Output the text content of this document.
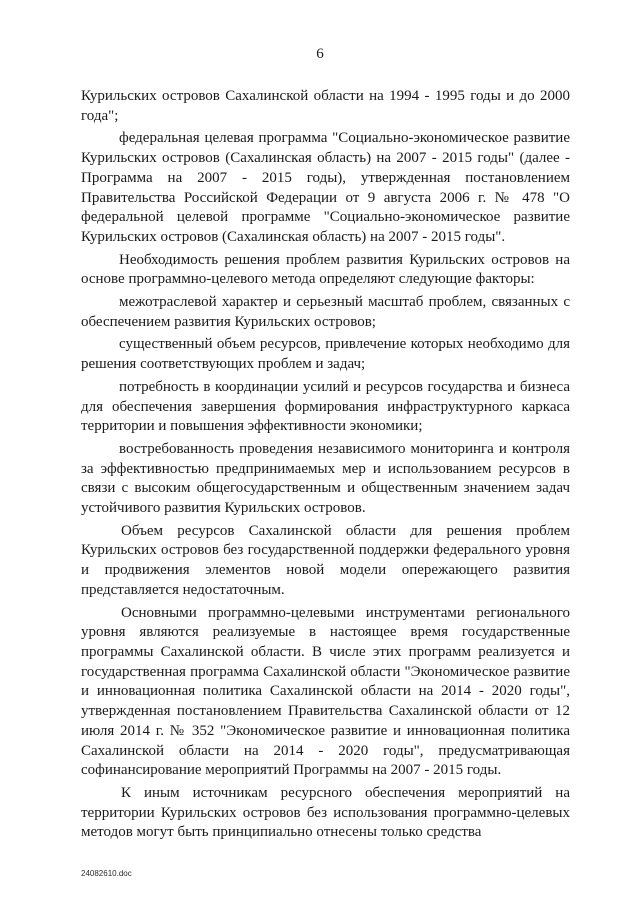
6

Курильских островов Сахалинской области на 1994 - 1995 годы и до 2000 года";

федеральная целевая программа "Социально-экономическое развитие Курильских островов (Сахалинская область) на 2007 - 2015 годы" (далее - Программа на 2007 - 2015 годы), утвержденная постановлением Правительства Российской Федерации от 9 августа 2006 г. № 478 "О федеральной целевой программе "Социально-экономическое развитие Курильских островов (Сахалинская область) на 2007 - 2015 годы".

Необходимость решения проблем развития Курильских островов на основе программно-целевого метода определяют следующие факторы:

межотраслевой характер и серьезный масштаб проблем, связанных с обеспечением развития Курильских островов;

существенный объем ресурсов, привлечение которых необходимо для решения соответствующих проблем и задач;

потребность в координации усилий и ресурсов государства и бизнеса для обеспечения завершения формирования инфраструктурного каркаса территории и повышения эффективности экономики;

востребованность проведения независимого мониторинга и контроля за эффективностью предпринимаемых мер и использованием ресурсов в связи с высоким общегосударственным и общественным значением задач устойчивого развития Курильских островов.

Объем ресурсов Сахалинской области для решения проблем Курильских островов без государственной поддержки федерального уровня и продвижения элементов новой модели опережающего развития представляется недостаточным.

Основными программно-целевыми инструментами регионального уровня являются реализуемые в настоящее время государственные программы Сахалинской области. В числе этих программ реализуется и государственная программа Сахалинской области "Экономическое развитие и инновационная политика Сахалинской области на 2014 - 2020 годы", утвержденная постановлением Правительства Сахалинской области от 12 июля 2014 г. № 352 "Экономическое развитие и инновационная политика Сахалинской области на 2014 - 2020 годы", предусматривающая софинансирование мероприятий Программы на 2007 - 2015 годы.

К иным источникам ресурсного обеспечения мероприятий на территории Курильских островов без использования программно-целевых методов могут быть принципиально отнесены только средства

24082610.doc
